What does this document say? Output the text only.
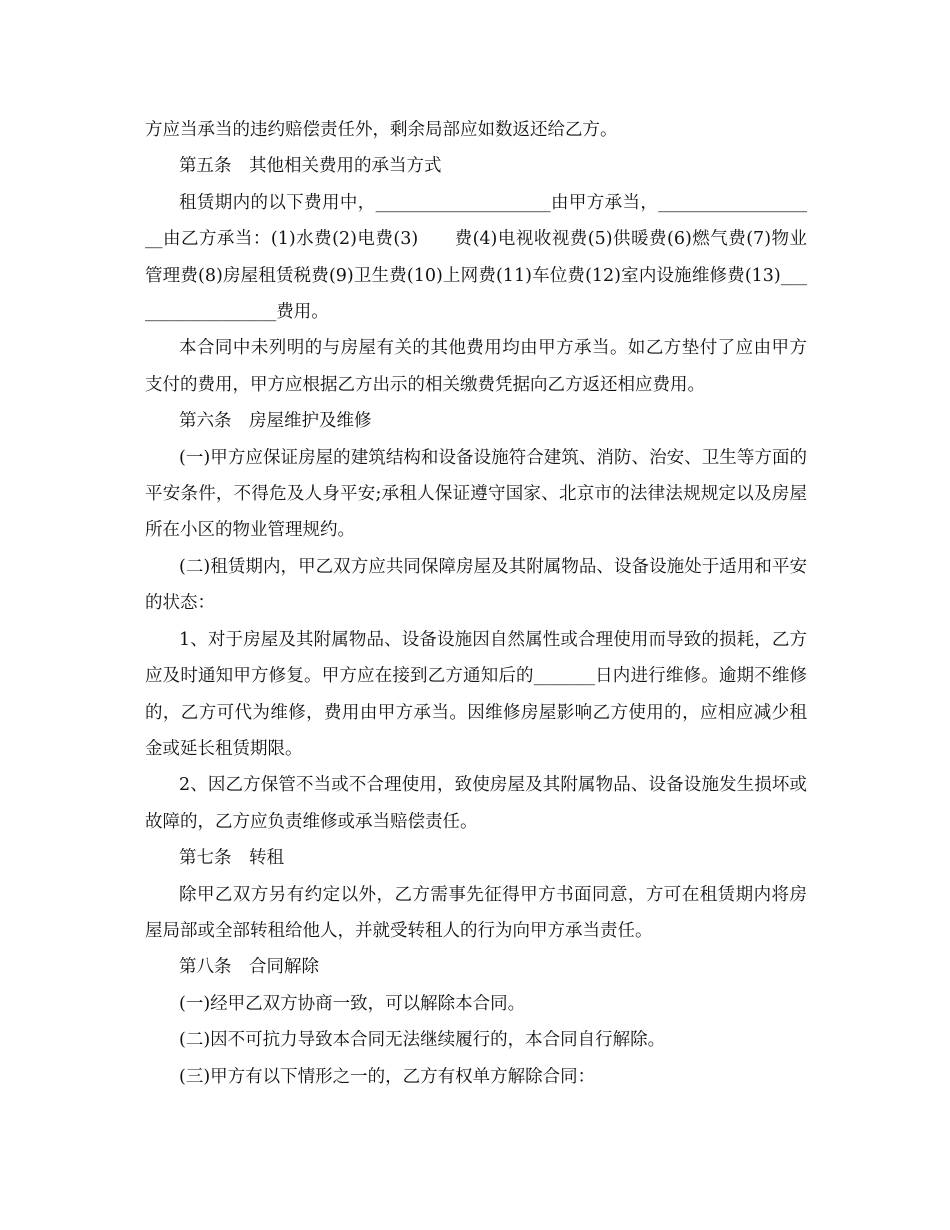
方应当承当的违约赔偿责任外，剩余局部应如数返还给乙方。

第五条　其他相关费用的承当方式

租赁期内的以下费用中，____________________由甲方承当，___________________由乙方承当：(1)水费(2)电费(3)　　费(4)电视收视费(5)供暖费(6)燃气费(7)物业管理费(8)房屋租赁税费(9)卫生费(10)上网费(11)车位费(12)室内设施维修费(13)__________________费用。

本合同中未列明的与房屋有关的其他费用均由甲方承当。如乙方垫付了应由甲方支付的费用，甲方应根据乙方出示的相关缴费凭据向乙方返还相应费用。

第六条　房屋维护及维修

(一)甲方应保证房屋的建筑结构和设备设施符合建筑、消防、治安、卫生等方面的平安条件，不得危及人身平安;承租人保证遵守国家、北京市的法律法规规定以及房屋所在小区的物业管理规约。

(二)租赁期内，甲乙双方应共同保障房屋及其附属物品、设备设施处于适用和平安的状态：

1、对于房屋及其附属物品、设备设施因自然属性或合理使用而导致的损耗，乙方应及时通知甲方修复。甲方应在接到乙方通知后的_______日内进行维修。逾期不维修的，乙方可代为维修，费用由甲方承当。因维修房屋影响乙方使用的，应相应减少租金或延长租赁期限。

2、因乙方保管不当或不合理使用，致使房屋及其附属物品、设备设施发生损坏或故障的，乙方应负责维修或承当赔偿责任。

第七条　转租

除甲乙双方另有约定以外，乙方需事先征得甲方书面同意，方可在租赁期内将房屋局部或全部转租给他人，并就受转租人的行为向甲方承当责任。

第八条　合同解除

(一)经甲乙双方协商一致，可以解除本合同。

(二)因不可抗力导致本合同无法继续履行的，本合同自行解除。

(三)甲方有以下情形之一的，乙方有权单方解除合同：
